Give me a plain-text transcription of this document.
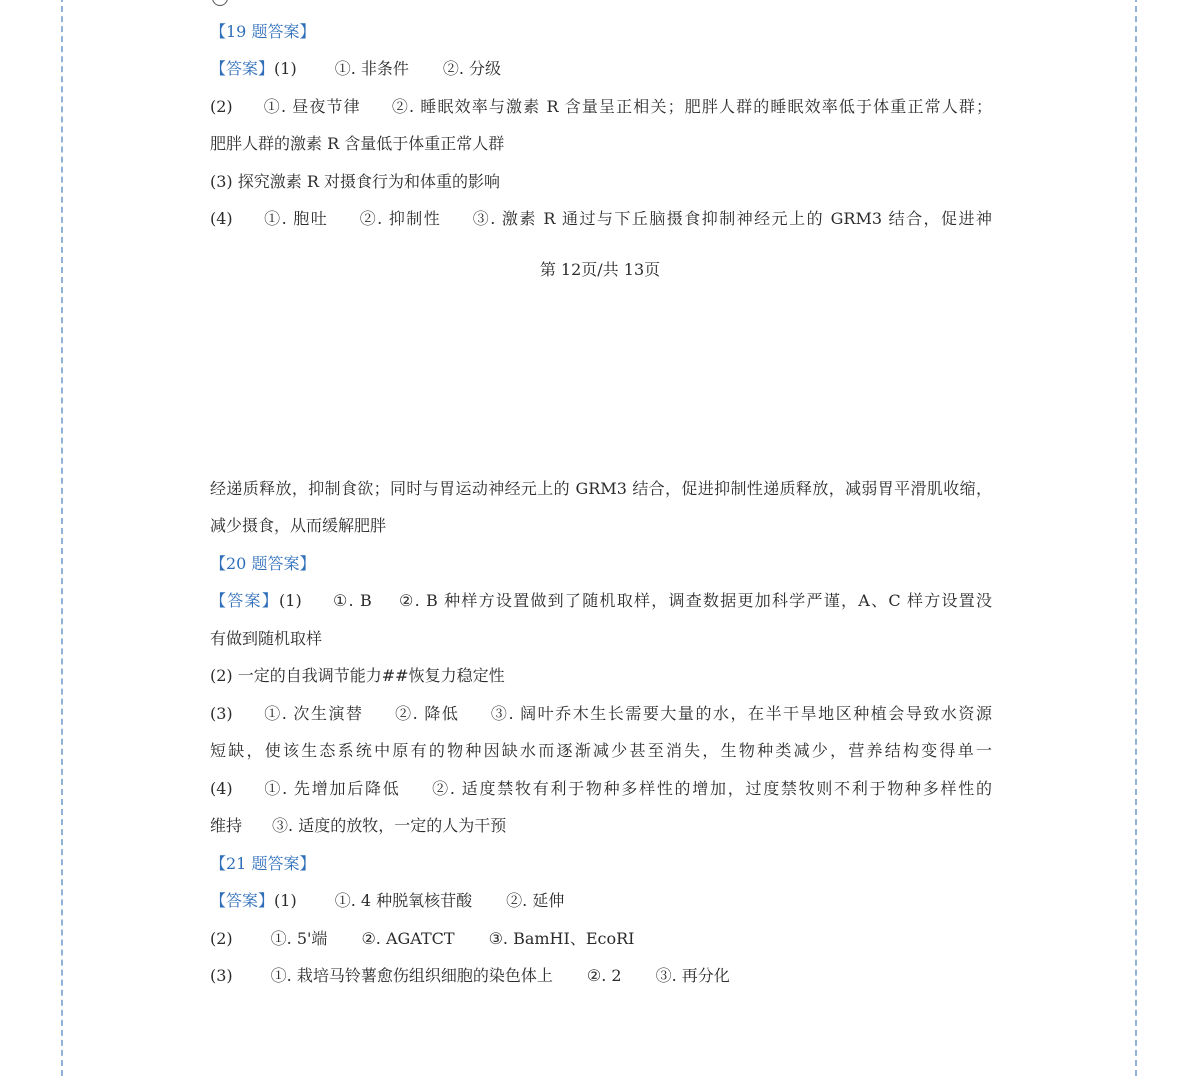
【19 题答案】
【答案】(1) ①. 非条件 ②. 分级
(2) ①. 昼夜节律 ②. 睡眠效率与激素 R 含量呈正相关；肥胖人群的睡眠效率低于体重正常人群；
肥胖人群的激素 R 含量低于体重正常人群
(3) 探究激素 R 对摄食行为和体重的影响
(4) ①. 胞吐 ②. 抑制性 ③. 激素 R 通过与下丘脑摄食抑制神经元上的 GRM3 结合，促进神
第 12页/共 13页
经递质释放，抑制食欲；同时与胃运动神经元上的 GRM3 结合，促进抑制性递质释放，减弱胃平滑肌收缩，
减少摄食，从而缓解肥胖
【20 题答案】
【答案】(1) ①. B ②. B 种样方设置做到了随机取样，调查数据更加科学严谨，A、C 样方设置没
有做到随机取样
(2) 一定的自我调节能力##恢复力稳定性
(3) ①. 次生演替 ②. 降低 ③. 阔叶乔木生长需要大量的水，在半干旱地区种植会导致水资源
短缺，使该生态系统中原有的物种因缺水而逐渐减少甚至消失，生物种类减少，营养结构变得单一
(4) ①. 先增加后降低 ②. 适度禁牧有利于物种多样性的增加，过度禁牧则不利于物种多样性的
维持 ③. 适度的放牧，一定的人为干预
【21 题答案】
【答案】(1) ①. 4 种脱氧核苷酸 ②. 延伸
(2) ①. 5'端 ②. AGATCT ③. BamHI、EcoRI
(3) ①. 栽培马铃薯愈伤组织细胞的染色体上 ②. 2 ③. 再分化
